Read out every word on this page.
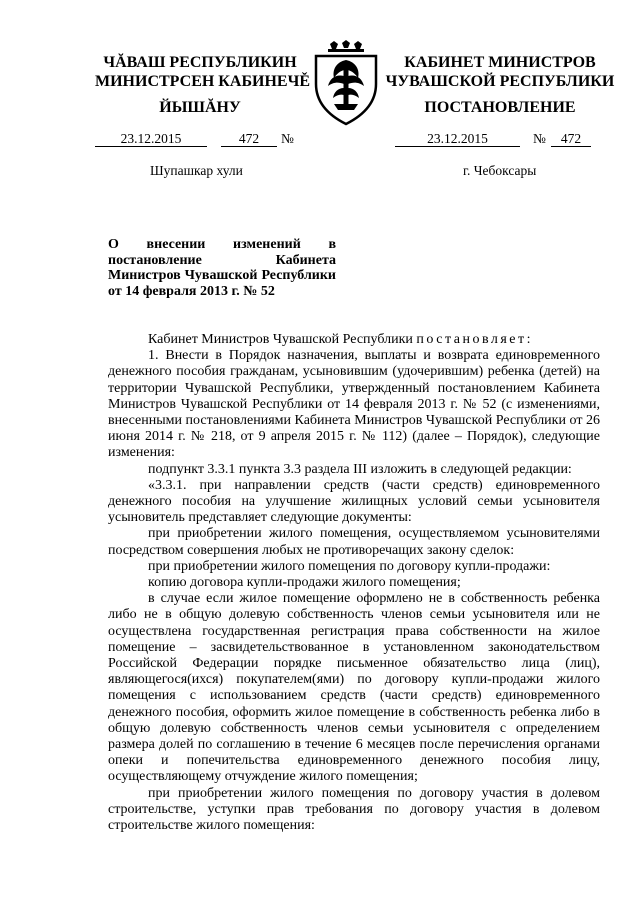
ЧĂВАШ РЕСПУБЛИКИН
МИНИСТРСЕН КАБИНЕЧĚ
ЙЫШĂНУ
КАБИНЕТ МИНИСТРОВ
ЧУВАШСКОЙ РЕСПУБЛИКИ
ПОСТАНОВЛЕНИЕ
23.12.2015	472	№	23.12.2015	№	472
Шупашкар хули	г. Чебоксары
О внесении изменений в постановление Кабинета Министров Чувашской Республики от 14 февраля 2013 г. № 52

Кабинет Министров Чувашской Республики постановляет:

1. Внести в Порядок назначения, выплаты и возврата единовременного денежного пособия гражданам, усыновившим (удочерившим) ребенка (детей) на территории Чувашской Республики, утвержденный постановлением Кабинета Министров Чувашской Республики от 14 февраля 2013 г. № 52 (с изменениями, внесенными постановлениями Кабинета Министров Чувашской Республики от 26 июня 2014 г. № 218, от 9 апреля 2015 г. № 112) (далее – Порядок), следующие изменения:

подпункт 3.3.1 пункта 3.3 раздела III изложить в следующей редакции:

«3.3.1. при направлении средств (части средств) единовременного денежного пособия на улучшение жилищных условий семьи усыновителя усыновитель представляет следующие документы:

при приобретении жилого помещения, осуществляемом усыновителями посредством совершения любых не противоречащих закону сделок:

при приобретении жилого помещения по договору купли-продажи:

копию договора купли-продажи жилого помещения;

в случае если жилое помещение оформлено не в собственность ребенка либо не в общую долевую собственность членов семьи усыновителя или не осуществлена государственная регистрация права собственности на жилое помещение – засвидетельствованное в установленном законодательством Российской Федерации порядке письменное обязательство лица (лиц), являющегося(ихся) покупателем(ями) по договору купли-продажи жилого помещения с использованием средств (части средств) единовременного денежного пособия, оформить жилое помещение в собственность ребенка либо в общую долевую собственность членов семьи усыновителя с определением размера долей по соглашению в течение 6 месяцев после перечисления органами опеки и попечительства единовременного денежного пособия лицу, осуществляющему отчуждение жилого помещения;

при приобретении жилого помещения по договору участия в долевом строительстве, уступки прав требования по договору участия в долевом строительстве жилого помещения:
